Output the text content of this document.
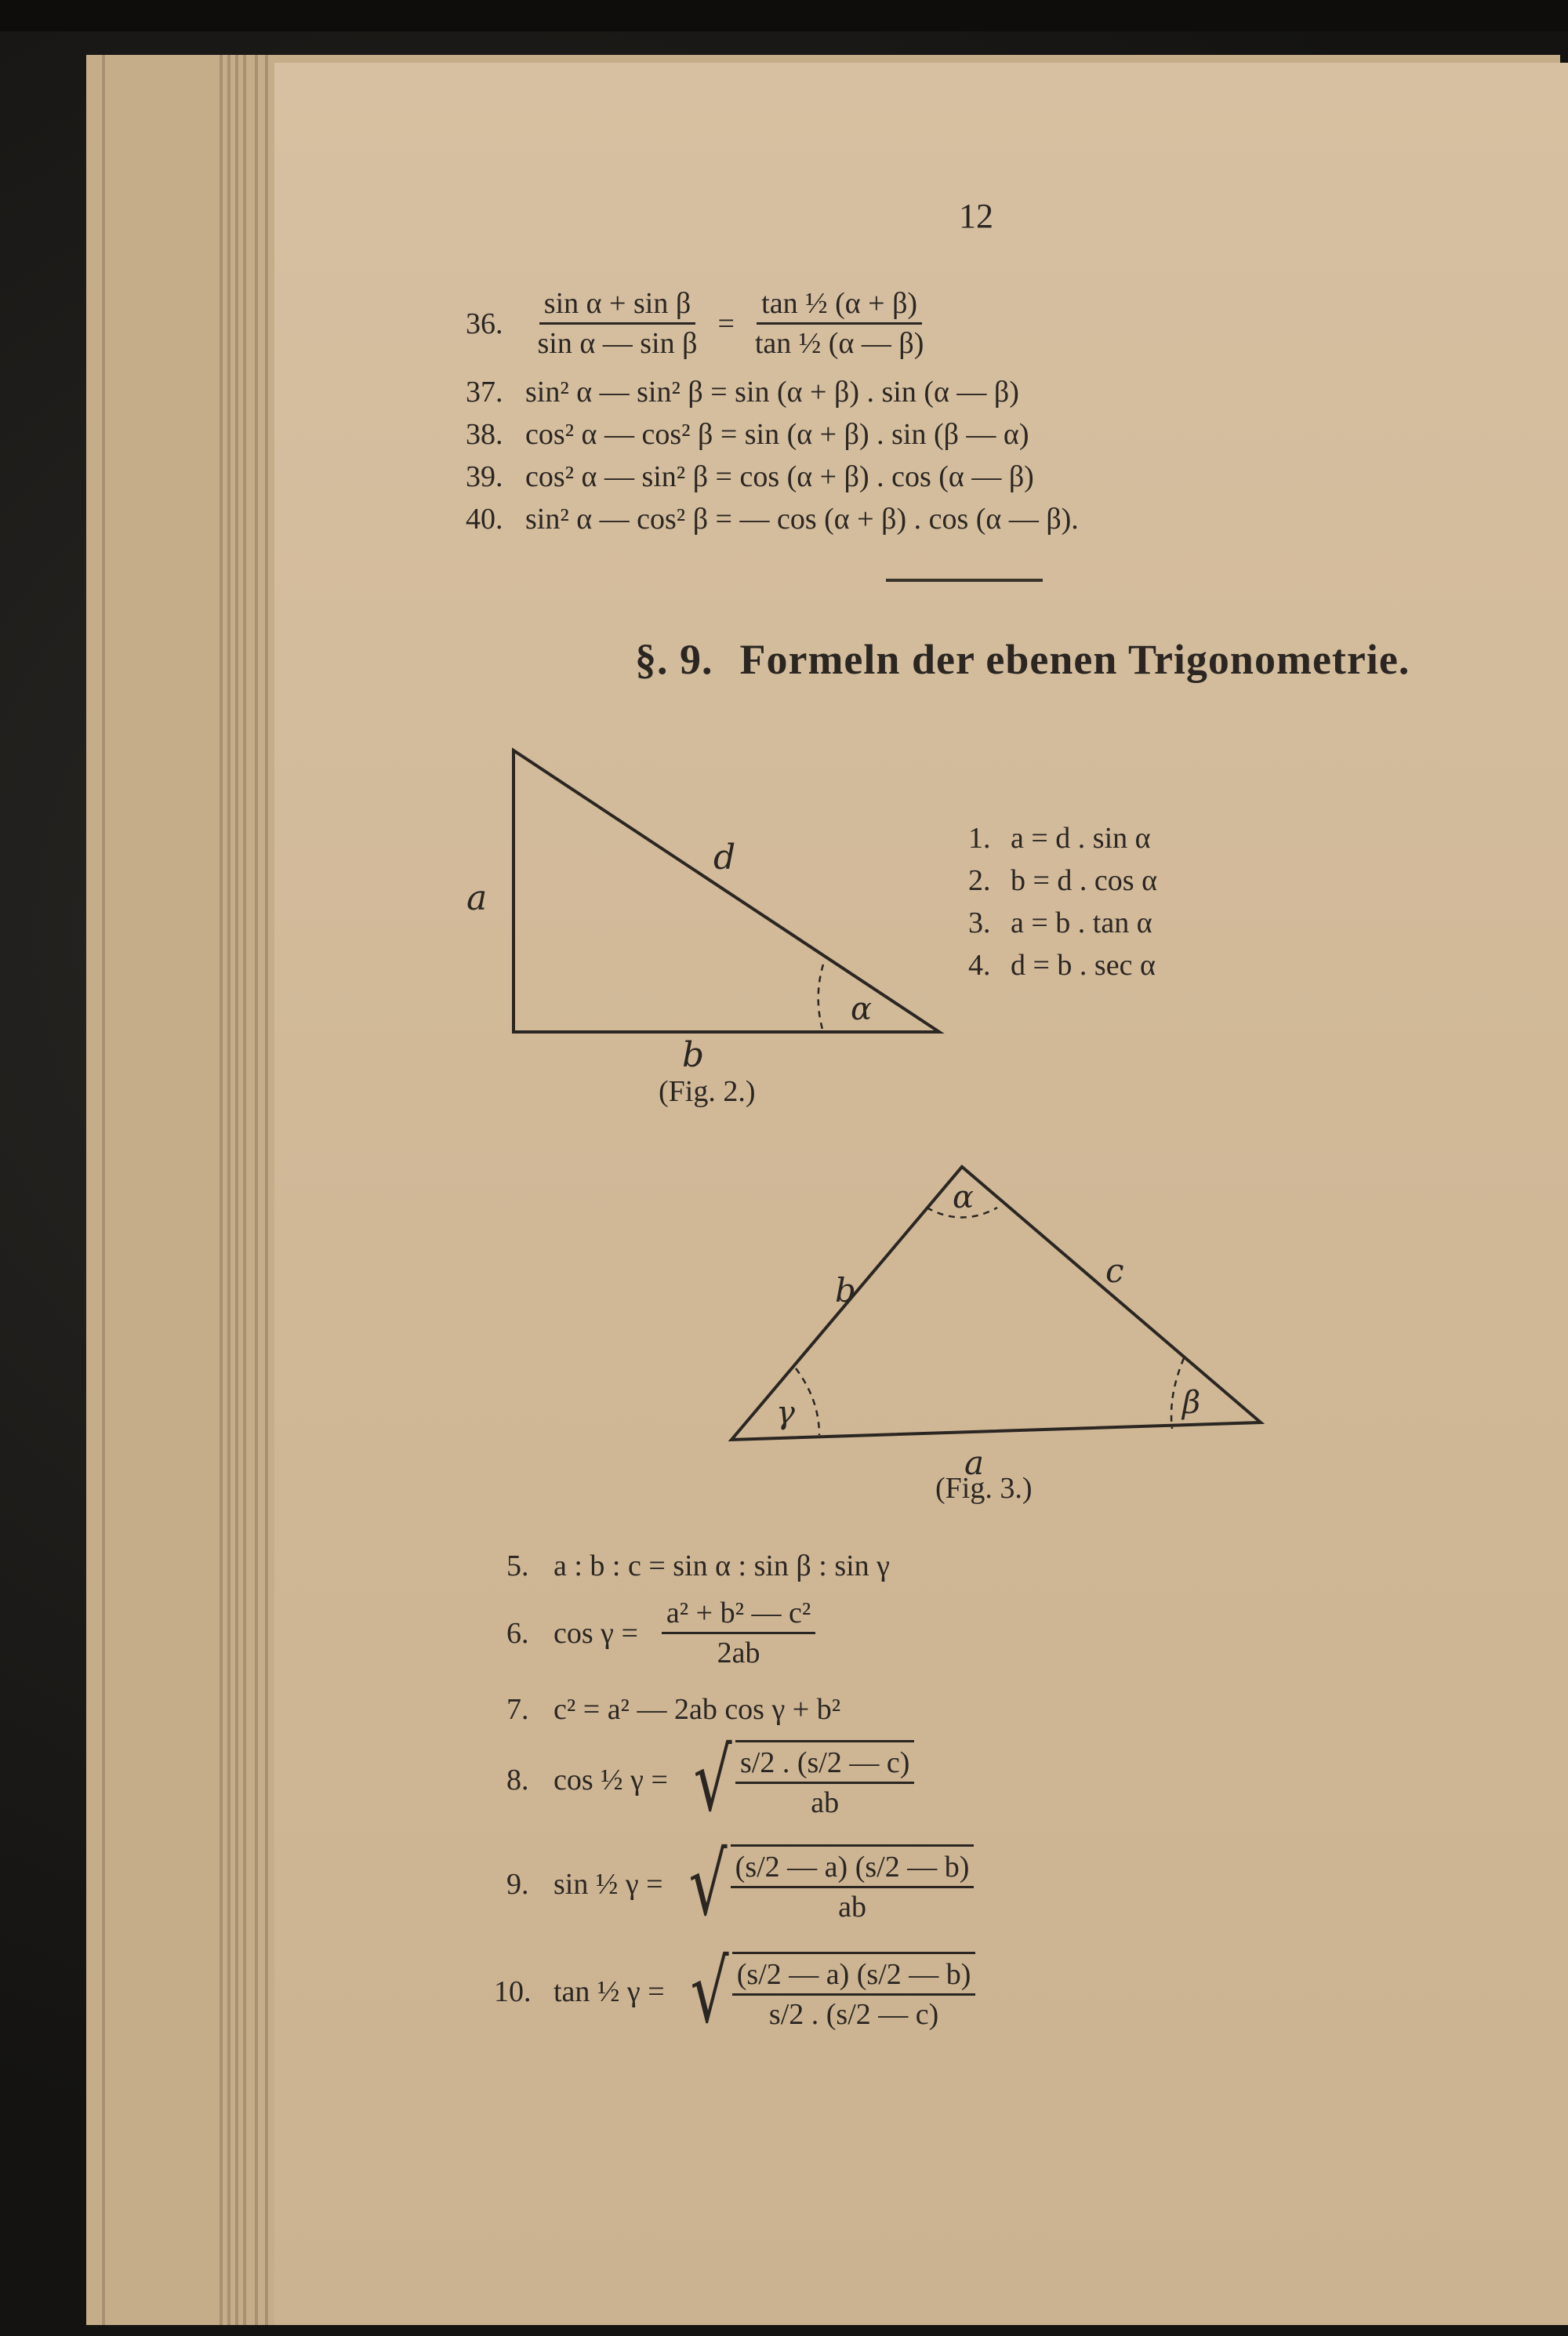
12
36. $\frac{\text{sin α + sin β}}{\text{sin α — sin β}} = \frac{\text{tan ½ (α + β)}}{\text{tan ½ (α — β)}}$
37. sin² α — sin² β = sin (α + β) . sin (α — β)
38. cos² α — cos² β = sin (α + β) . sin (β — α)
39. cos² α — sin² β = cos (α + β) . cos (α — β)
40. sin² α — cos² β = — cos (α + β) . cos (α — β).
§. 9. Formeln der ebenen Trigonometrie.
a
d
b
α
α
γ	β
b
c
a
(Fig. 2.)
1. a = d . sin α
2. b = d . cos α
3. a = b . tan α
4. d = b . sec α
(Fig. 3.)
5. a : b : c = sin α : sin β : sin γ
6. $\cos \gamma = \frac{\text{a² + b² — c²}}{2ab}$
7. c² = a² — 2ab cos γ + b²
8. cos ½ γ = √ $\frac{s/2 . (s/2 — c)}{ab}$
9. sin ½ γ = √ $\frac{(s/2 — a) (s/2 — b)}{ab}$
10. tan ½ γ = √ $\frac{(s/2 — a) (s/2 — b)}{s/2 . (s/2 — c)}$
